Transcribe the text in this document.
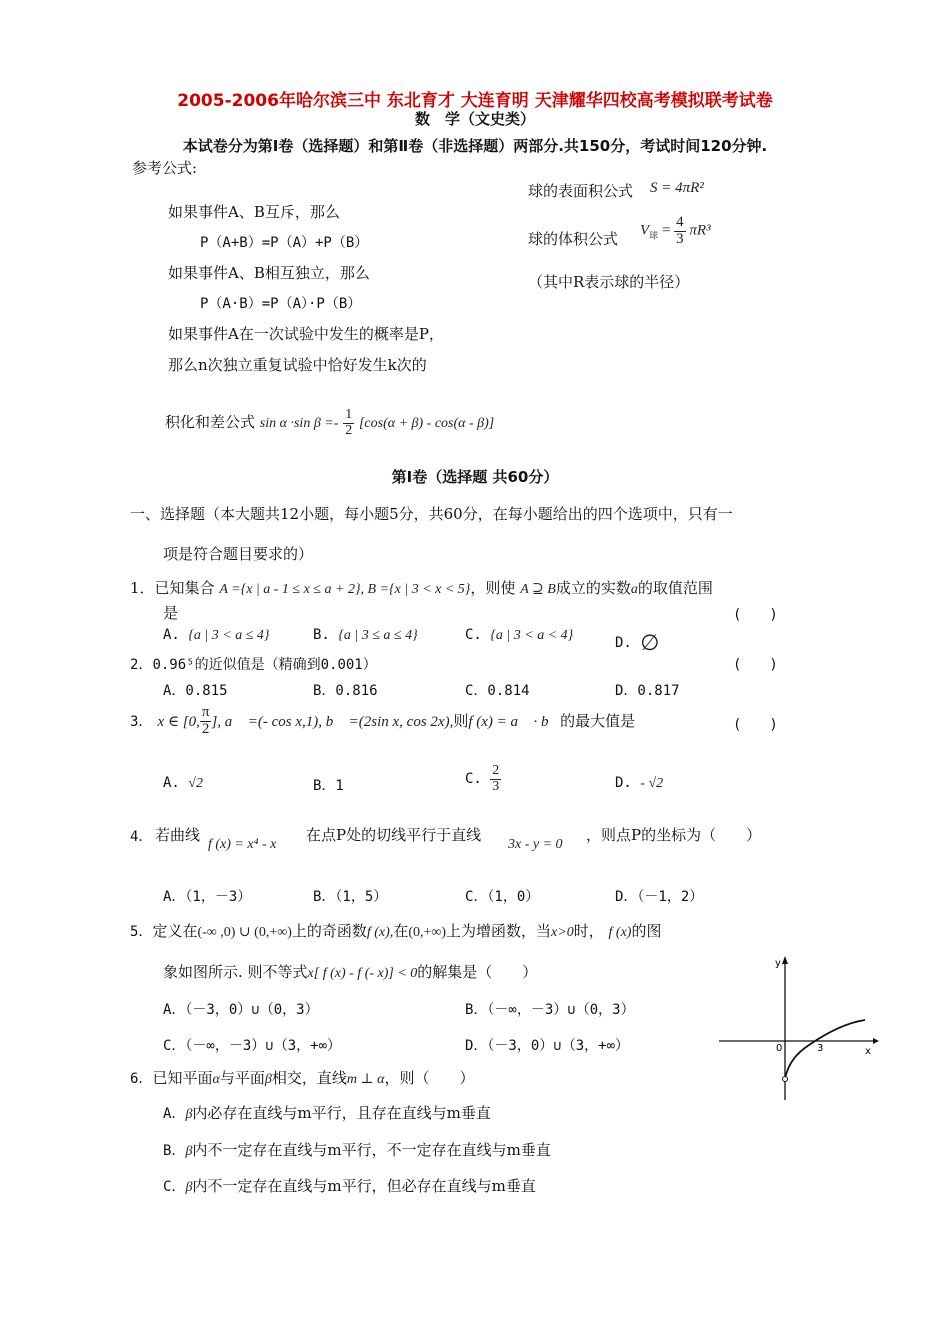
2005-2006年哈尔滨三中 东北育才 大连育明 天津耀华四校高考模拟联考试卷
数　学（文史类）
本试卷分为第Ⅰ卷（选择题）和第Ⅱ卷（非选择题）两部分.共150分，考试时间120分钟.
参考公式:
如果事件A、B互斥，那么
P（A+B）=P（A）+P（B）
如果事件A、B相互独立，那么
P（A·B）=P（A）·P（B）
如果事件A在一次试验中发生的概率是P，
那么n次独立重复试验中恰好发生k次的
球的表面积公式 S = 4πR²
球的体积公式 $V_球 = \frac{4}{3} \pi R^3$
（其中R表示球的半径）
积化和差公式 sin α ·sin $\beta =- \frac{1}{2} [\cos(\alpha + \beta) - \cos(\alpha - \beta)]$
第Ⅰ卷（选择题 共60分）
一、选择题（本大题共12小题，每小题5分，共60分，在每小题给出的四个选项中，只有一
项是符合题目要求的）
1．已知集合 A ={x | a - 1 ≤ x ≤ a + 2}, B ={x | 3 < x < 5}，则使 A ⊇ B成立的实数a的取值范围
是	(　　)
A. {a | 3 < a ≤ 4}	B. {a | 3 ≤ a ≤ 4}	C. {a | 3 < a < 4}	D. ∅
2．0.96⁵的近似值是（精确到0.001）	(　　)
A．0.815	B．0.816	C．0.814	D．0.817
3． x ∈ [0, $\frac{\pi}{2}$ ], a⃗ =(- cos x,1), b⃗ =(2sin x, cos 2x),则f (x) = a⃗ · b⃗的最大值是	(　　)
A. √2	B．1	C. $\frac{2}{3}$	D. - √2
4． 若曲线
f (x) = x⁴ - x
在点P处的切线平行于直线
3x - y = 0
，则点P的坐标为（　　）
A．（1，－3）	B．（1，5）	C．（1，0）	D．（－1，2）
5．定义在(-∞ ,0) ∪ (0,+∞)上的奇函数f (x),在(0,+∞)上为增函数，当x>0时， f (x)的图
象如图所示. 则不等式x[ f (x) - f (- x)] < 0的解集是（　　）
A．（－3，0）∪（0，3）	B．（－∞，－3）∪（0，3）
C．（－∞，－3）∪（3，+∞）	D．（－3，0）∪（3，+∞）
y
x
0	3
6．已知平面α与平面β相交，直线m ⊥ α，则（　　）
A．β内必存在直线与m平行，且存在直线与m垂直
B．β内不一定存在直线与m平行，不一定存在直线与m垂直
C．β内不一定存在直线与m平行，但必存在直线与m垂直
